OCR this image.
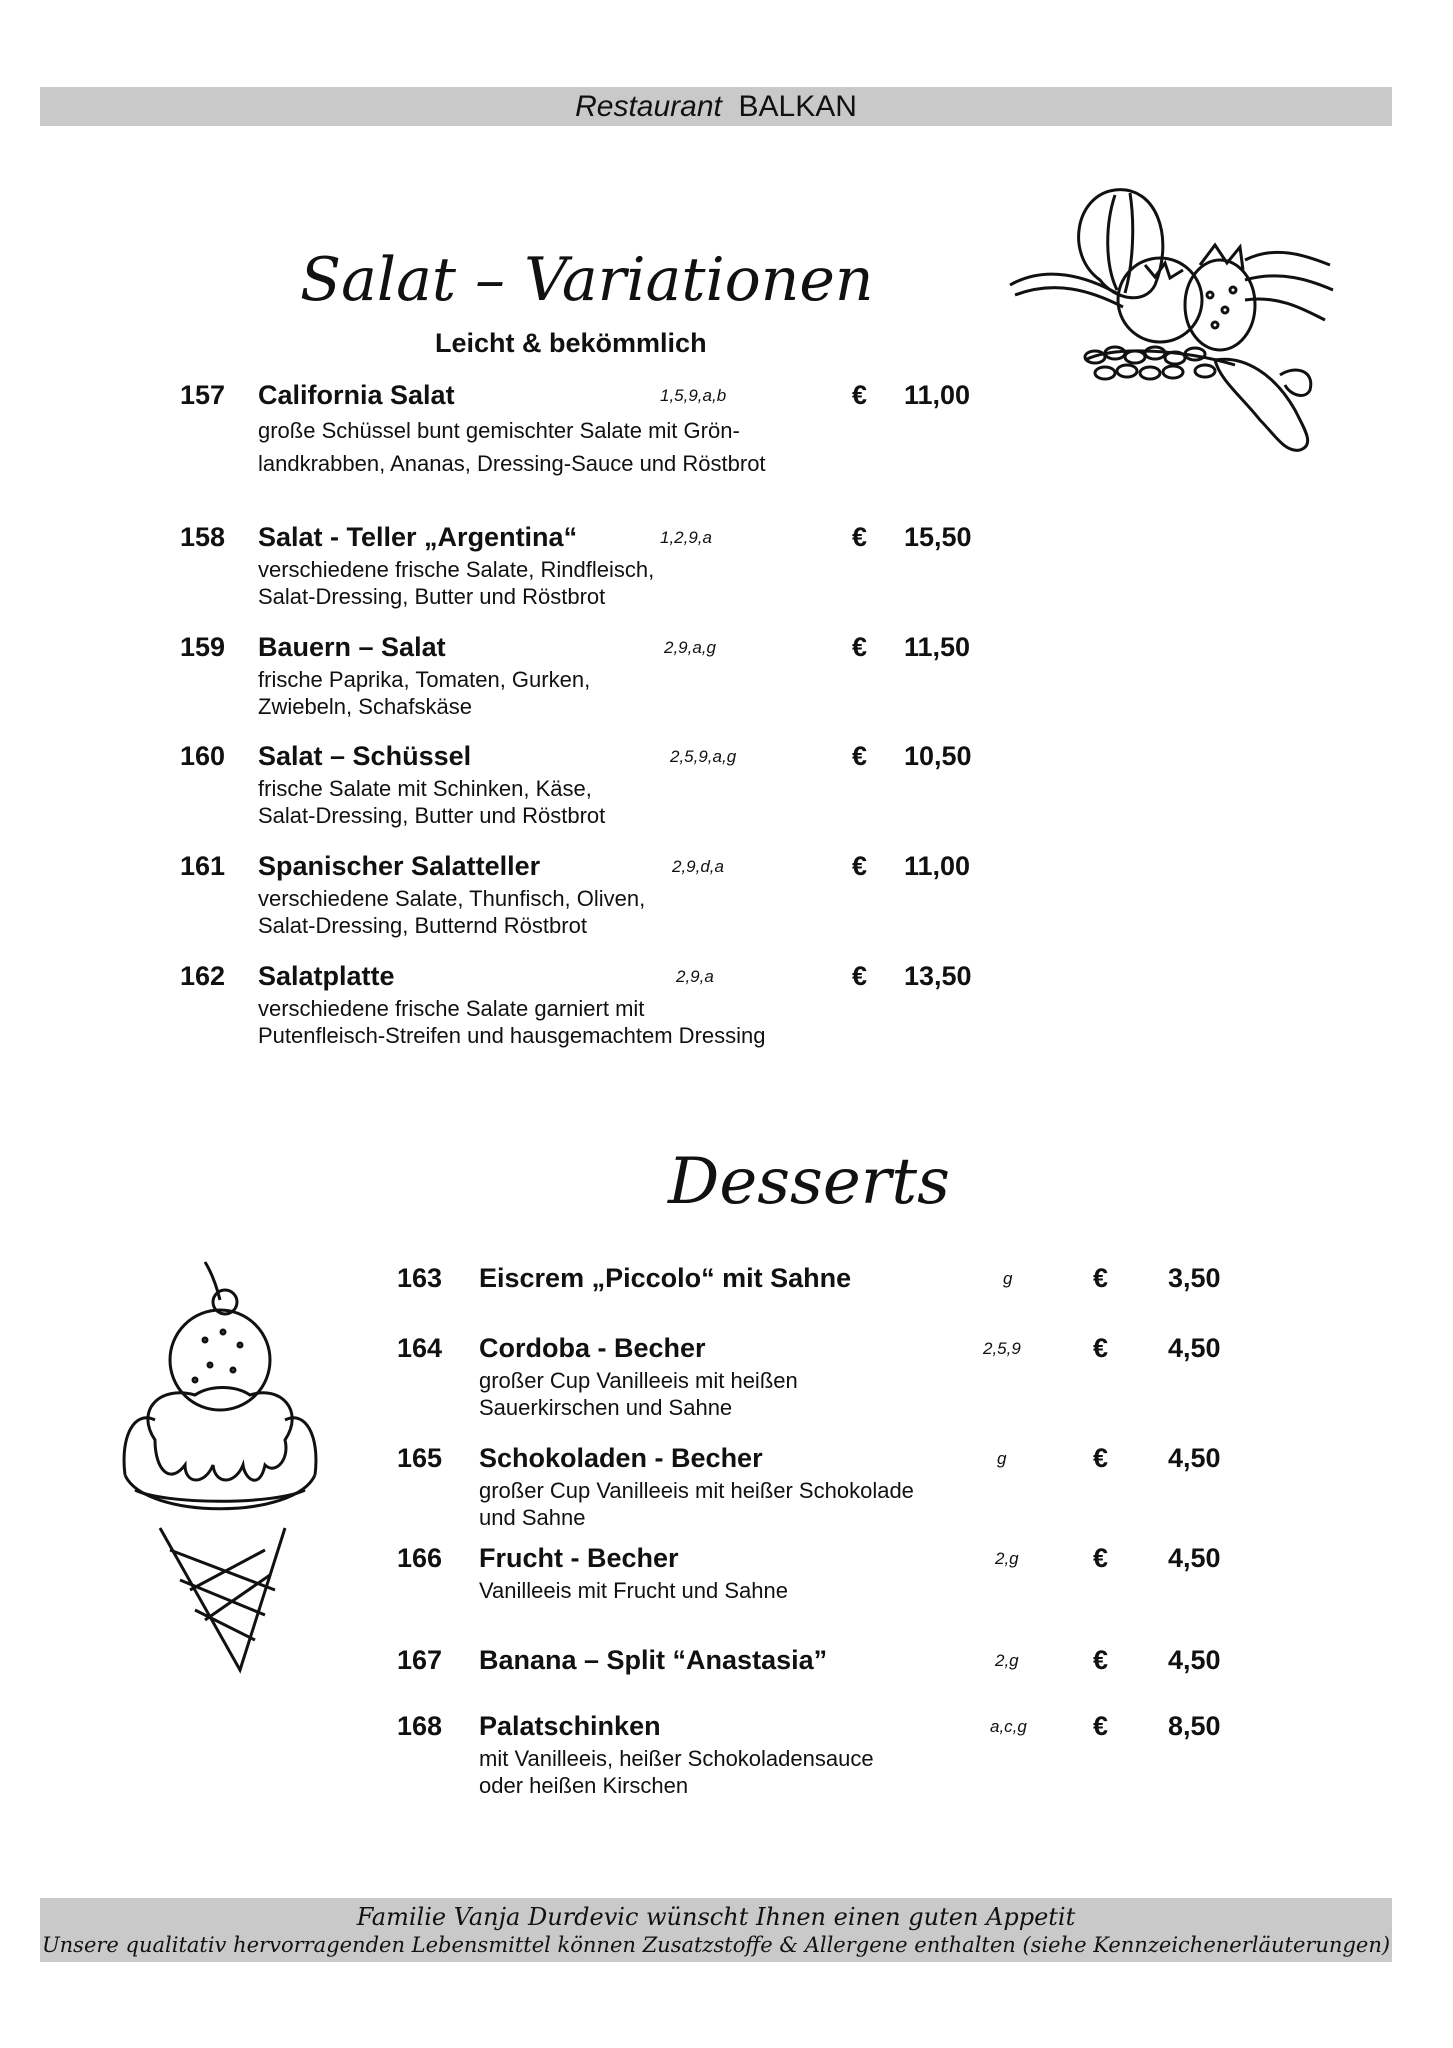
Restaurant BALKAN
Salat – Variationen
Leicht & bekömmlich
157 California Salat	1,5,9,a,b	€ 11,00
große Schüssel bunt gemischter Salate mit Grön-
landkrabben, Ananas, Dressing-Sauce und Röstbrot
158 Salat - Teller „Argentina“	1,2,9,a	€ 15,50
verschiedene frische Salate, Rindfleisch,
Salat-Dressing, Butter und Röstbrot
159 Bauern – Salat	2,9,a,g	€ 11,50
frische Paprika, Tomaten, Gurken,
Zwiebeln, Schafskäse
160 Salat – Schüssel	2,5,9,a,g	€ 10,50
frische Salate mit Schinken, Käse,
Salat-Dressing, Butter und Röstbrot
161 Spanischer Salatteller	2,9,d,a	€ 11,00
verschiedene Salate, Thunfisch, Oliven,
Salat-Dressing, Butternd Röstbrot
162 Salatplatte	2,9,a	€ 13,50
verschiedene frische Salate garniert mit
Putenfleisch-Streifen und hausgemachtem Dressing
Desserts
163 Eiscrem „Piccolo“ mit Sahne	g	€ 3,50
164 Cordoba - Becher	2,5,9	€ 4,50
großer Cup Vanilleeis mit heißen
Sauerkirschen und Sahne
165 Schokoladen - Becher	g	€ 4,50
großer Cup Vanilleeis mit heißer Schokolade
und Sahne
166 Frucht - Becher	2,g	€ 4,50
Vanilleeis mit Frucht und Sahne
167 Banana – Split “Anastasia”	2,g	€ 4,50
168 Palatschinken	a,c,g € 8,50
mit Vanilleeis, heißer Schokoladensauce
oder heißen Kirschen
Familie Vanja Durdevic wünscht Ihnen einen guten Appetit
Unsere qualitativ hervorragenden Lebensmittel können Zusatzstoffe & Allergene enthalten (siehe Kennzeichenerläuterungen)
